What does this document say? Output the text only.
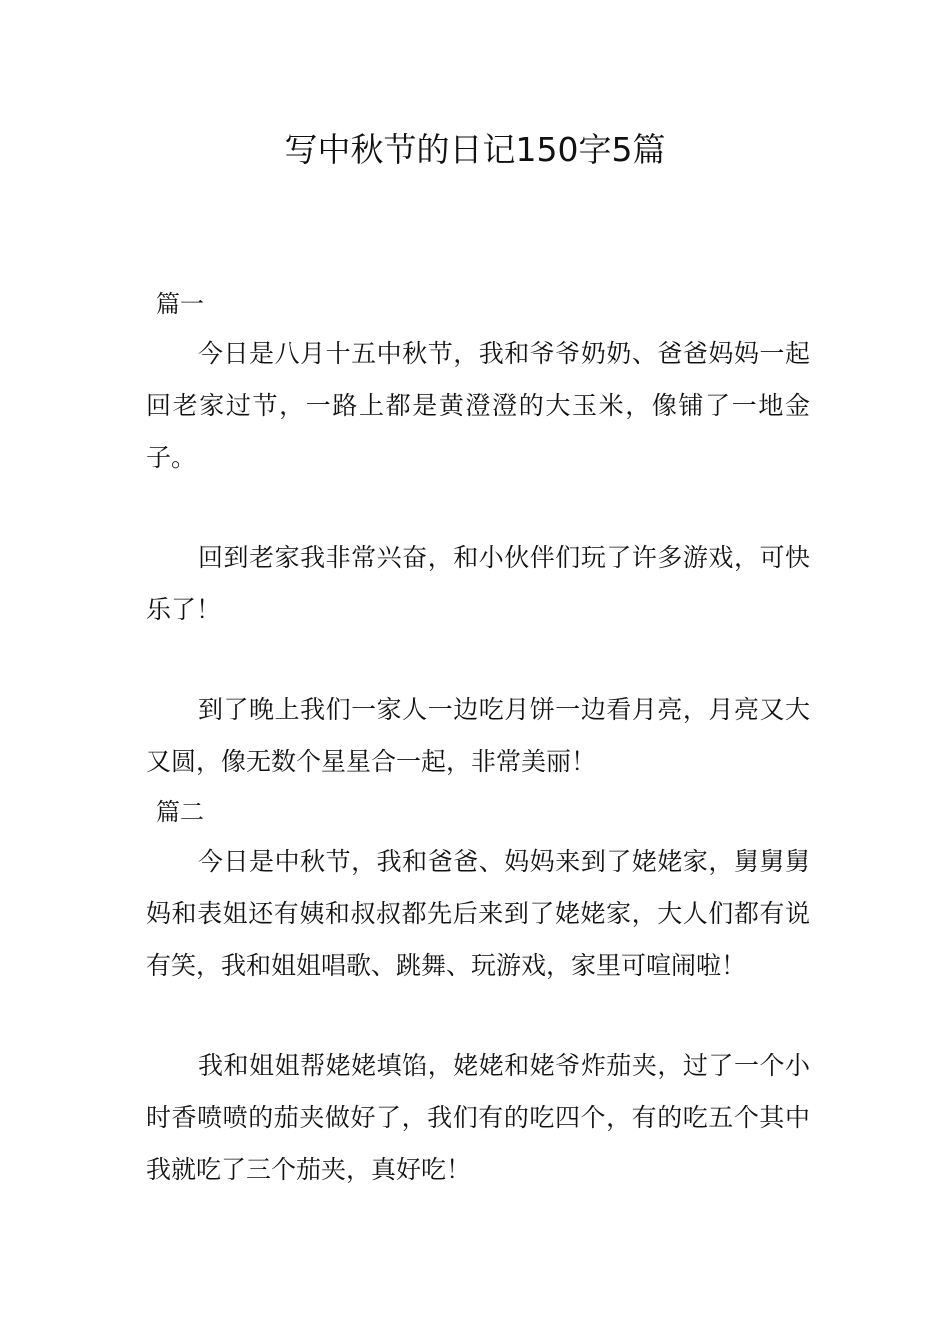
写中秋节的日记150字5篇
篇一

今日是八月十五中秋节，我和爷爷奶奶、爸爸妈妈一起回老家过节，一路上都是黄澄澄的大玉米，像铺了一地金子。

回到老家我非常兴奋，和小伙伴们玩了许多游戏，可快乐了！

到了晚上我们一家人一边吃月饼一边看月亮，月亮又大又圆，像无数个星星合一起，非常美丽！

篇二

今日是中秋节，我和爸爸、妈妈来到了姥姥家，舅舅舅妈和表姐还有姨和叔叔都先后来到了姥姥家，大人们都有说有笑，我和姐姐唱歌、跳舞、玩游戏，家里可喧闹啦！

我和姐姐帮姥姥填馅，姥姥和姥爷炸茄夹，过了一个小时香喷喷的茄夹做好了，我们有的吃四个，有的吃五个其中我就吃了三个茄夹，真好吃！
